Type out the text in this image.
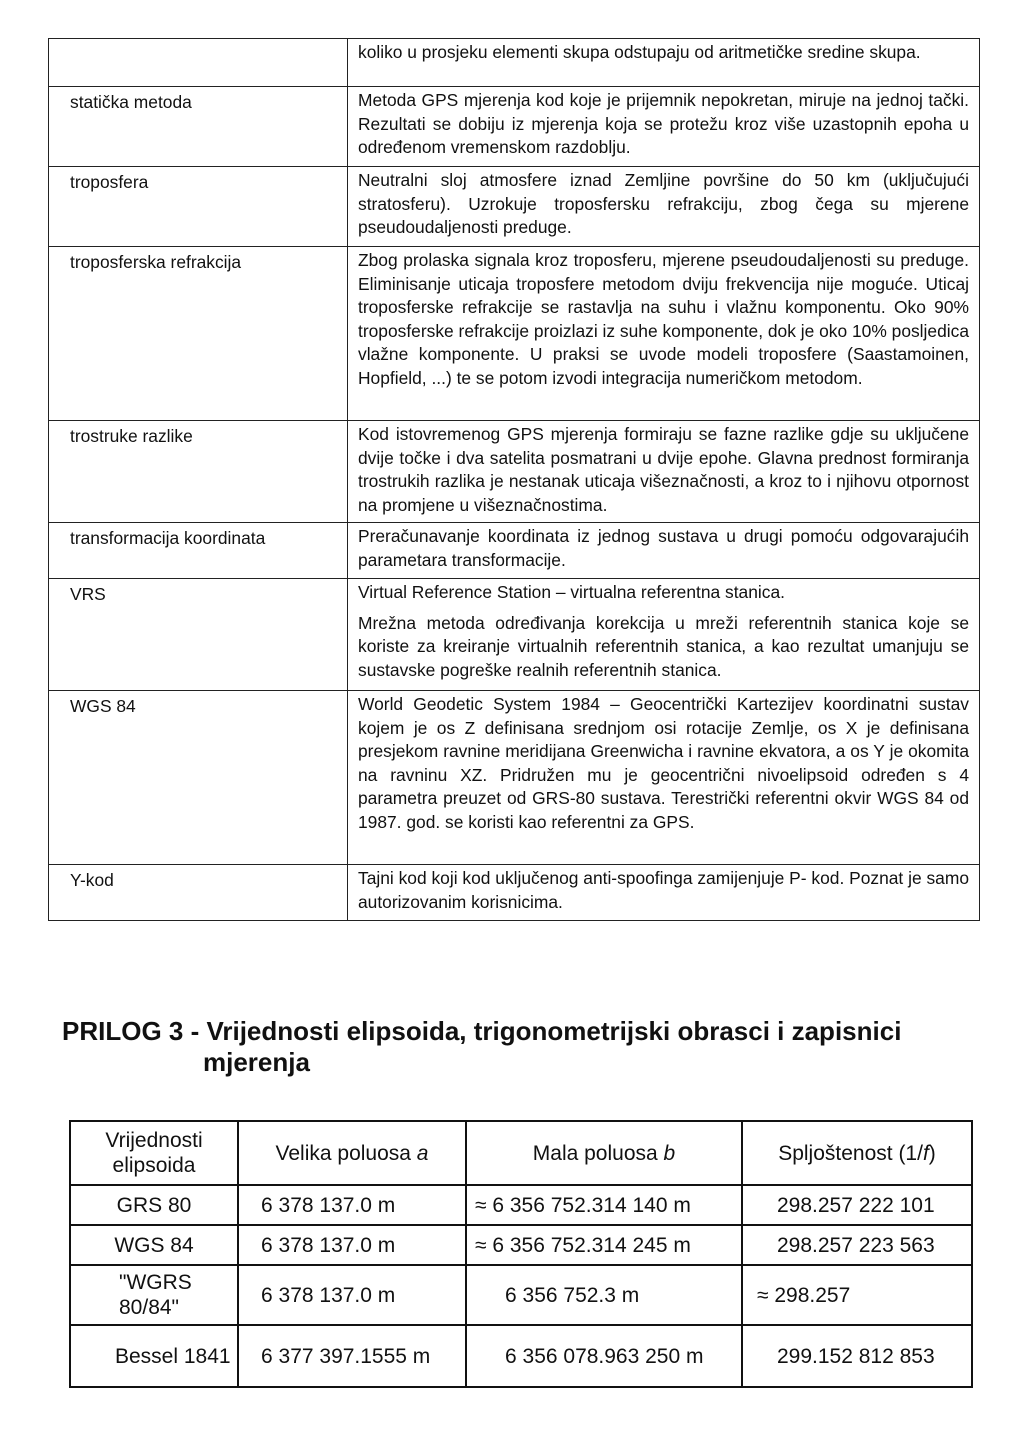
	koliko u prosjeku elementi skupa odstupaju od aritmetičke sredine skupa.

statička metoda	Metoda GPS mjerenja kod koje je prijemnik nepokretan, miruje na jednoj tački. Rezultati se dobiju iz mjerenja koja se protežu kroz više uzastopnih epoha u određenom vremenskom razdoblju.

troposfera	Neutralni sloj atmosfere iznad Zemljine površine do 50 km (uključujući stratosferu). Uzrokuje troposfersku refrakciju, zbog čega su mjerene pseudoudaljenosti preduge.

troposferska refrakcija	Zbog prolaska signala kroz troposferu, mjerene pseudoudaljenosti su preduge. Eliminisanje uticaja troposfere metodom dviju frekvencija nije moguće. Uticaj troposferske refrakcije se rastavlja na suhu i vlažnu komponentu. Oko 90% troposferske refrakcije proizlazi iz suhe komponente, dok je oko 10% posljedica vlažne komponente. U praksi se uvode modeli troposfere (Saastamoinen, Hopfield, ...) te se potom izvodi integracija numeričkom metodom.

trostruke razlike	Kod istovremenog GPS mjerenja formiraju se fazne razlike gdje su uključene dvije točke i dva satelita posmatrani u dvije epohe. Glavna prednost formiranja trostrukih razlika je nestanak uticaja višeznačnosti, a kroz to i njihovu otpornost na promjene u višeznačnostima.

transformacija koordinata	Preračunavanje koordinata iz jednog sustava u drugi pomoću odgovarajućih parametara transformacije.

VRS	Virtual Reference Station – virtualna referentna stanica.

Mrežna metoda određivanja korekcija u mreži referentnih stanica koje se koriste za kreiranje virtualnih referentnih stanica, a kao rezultat umanjuju se sustavske pogreške realnih referentnih stanica.

WGS 84	World Geodetic System 1984 – Geocentrički Kartezijev koordinatni sustav kojem je os Z definisana srednjom osi rotacije Zemlje, os X je definisana presjekom ravnine meridijana Greenwicha i ravnine ekvatora, a os Y je okomita na ravninu XZ. Pridružen mu je geocentrični nivoelipsoid određen s 4 parametra preuzet od GRS-80 sustava. Terestrički referentni okvir WGS 84 od 1987. god. se koristi kao referentni za GPS.

Y-kod	Tajni kod koji kod uključenog anti-spoofinga zamijenjuje P- kod. Poznat je samo autorizovanim korisnicima.

PRILOG 3 - Vrijednosti elipsoida, trigonometrijski obrasci i zapisnici
mjerenja
Vrijednosti elipsoida	Velika poluosa a	Mala poluosa b	Spljoštenost (1/f)
GRS 80	6 378 137.0 m	≈ 6 356 752.314 140 m	298.257 222 101
WGS 84	6 378 137.0 m	≈ 6 356 752.314 245 m	298.257 223 563
"WGRS 80/84"	6 378 137.0 m	6 356 752.3 m	≈ 298.257
Bessel 1841	6 377 397.1555 m	6 356 078.963 250 m	299.152 812 853
